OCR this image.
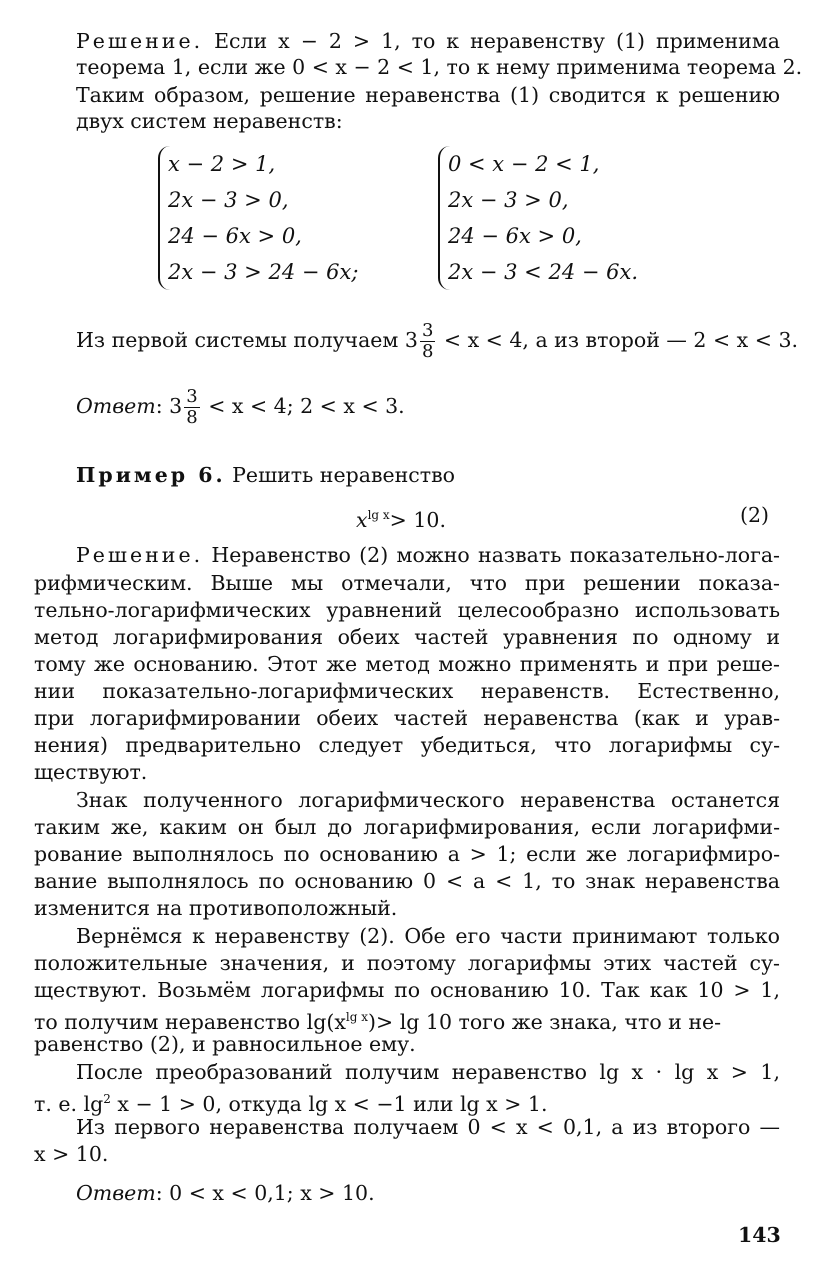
Решение. Если x − 2 > 1, то к неравенству (1) применима
теорема 1, если же 0 < x − 2 < 1, то к нему применима теорема 2.
Таким образом, решение неравенства (1) сводится к решению
двух систем неравенств:
x − 2 > 1,
2x − 3 > 0,
24 − 6x > 0,
2x − 3 > 24 − 6x;
0 < x − 2 < 1,
2x − 3 > 0,
24 − 6x > 0,
2x − 3 < 24 − 6x.
Из первой системы получаем $3 \frac{3}{8} < x < 4$, а из второй — 2 < x < 3.
Ответ: $3 \frac{3}{8} < x < 4$; 2 < x < 3.
Пример 6. Решить неравенство
$x^{lg x}> 10$.	(2)
Решение. Неравенство (2) можно назвать показательно-лога-
рифмическим. Выше мы отмечали, что при решении показа-
тельно-логарифмических уравнений целесообразно использовать
метод логарифмирования обеих частей уравнения по одному и
тому же основанию. Этот же метод можно применять и при реше-
нии показательно-логарифмических неравенств. Естественно,
при логарифмировании обеих частей неравенства (как и урав-
нения) предварительно следует убедиться, что логарифмы су-
ществуют.
Знак полученного логарифмического неравенства останется
таким же, каким он был до логарифмирования, если логарифми-
рование выполнялось по основанию a > 1; если же логарифмиро-
вание выполнялось по основанию 0 < a < 1, то знак неравенства
изменится на противоположный.
Вернёмся к неравенству (2). Обе его части принимают только
положительные значения, и поэтому логарифмы этих частей су-
ществуют. Возьмём логарифмы по основанию 10. Так как 10 > 1,
то получим неравенство $\lg(x^{lg x})> \lg 10$ того же знака, что и не-
равенство (2), и равносильное ему.
После преобразований получим неравенство lg x · lg x > 1,
т. е. $\lg^2 x - 1 > 0$, откуда lg x < −1 или lg x > 1.
Из первого неравенства получаем 0 < x < 0,1, а из второго —
x > 10.
Ответ: 0 < x < 0,1; x > 10.
143
